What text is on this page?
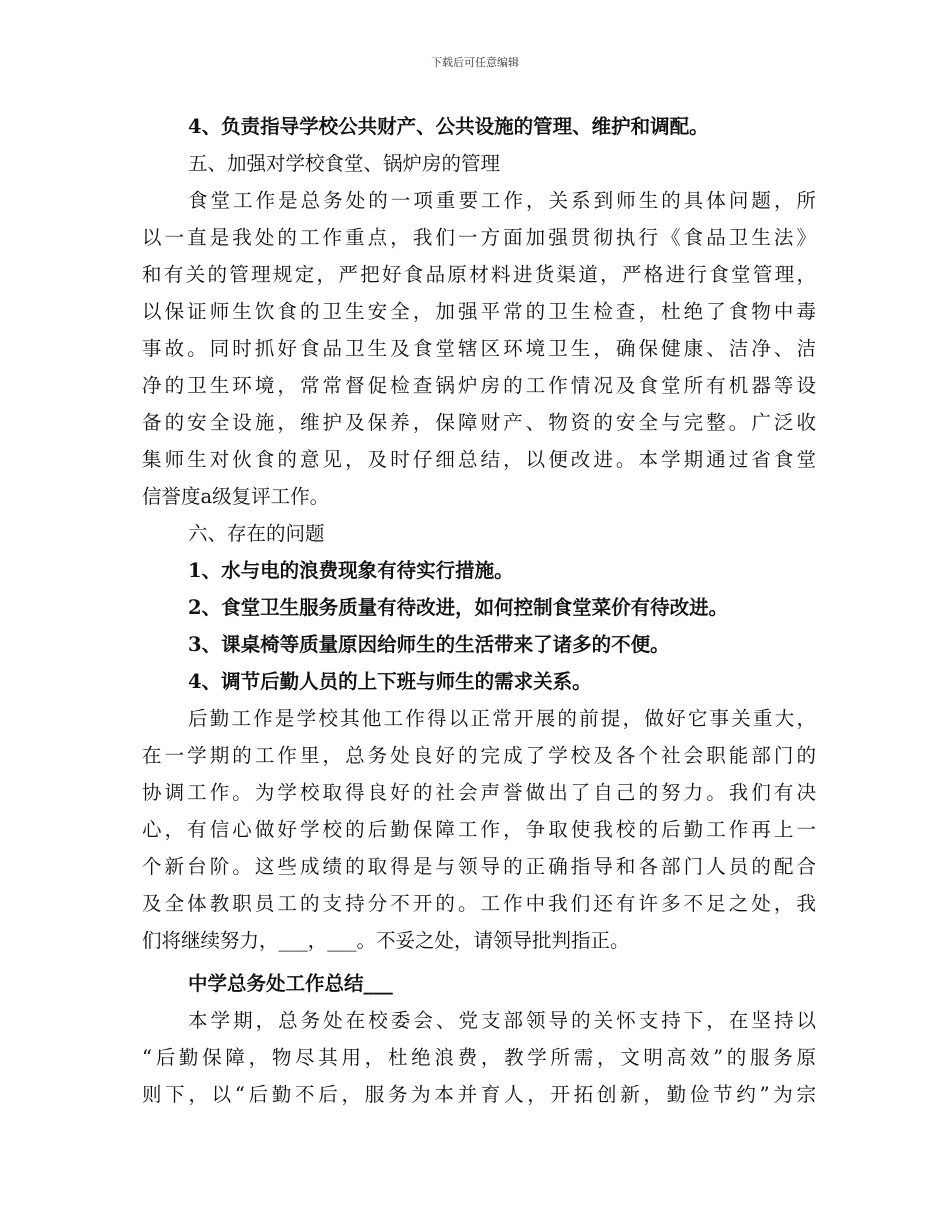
下载后可任意编辑
4、负责指导学校公共财产、公共设施的管理、维护和调配。
五、加强对学校食堂、锅炉房的管理
食堂工作是总务处的一项重要工作，关系到师生的具体问题，所
以一直是我处的工作重点，我们一方面加强贯彻执行《食品卫生法》
和有关的管理规定，严把好食品原材料进货渠道，严格进行食堂管理，
以保证师生饮食的卫生安全，加强平常的卫生检查，杜绝了食物中毒
事故。同时抓好食品卫生及食堂辖区环境卫生，确保健康、洁净、洁
净的卫生环境，常常督促检查锅炉房的工作情况及食堂所有机器等设
备的安全设施，维护及保养，保障财产、物资的安全与完整。广泛收
集师生对伙食的意见，及时仔细总结，以便改进。本学期通过省食堂
信誉度a级复评工作。
六、存在的问题
1、水与电的浪费现象有待实行措施。
2、食堂卫生服务质量有待改进，如何控制食堂菜价有待改进。
3、课桌椅等质量原因给师生的生活带来了诸多的不便。
4、调节后勤人员的上下班与师生的需求关系。
后勤工作是学校其他工作得以正常开展的前提，做好它事关重大，
在一学期的工作里，总务处良好的完成了学校及各个社会职能部门的
协调工作。为学校取得良好的社会声誉做出了自己的努力。我们有决
心，有信心做好学校的后勤保障工作，争取使我校的后勤工作再上一
个新台阶。这些成绩的取得是与领导的正确指导和各部门人员的配合
及全体教职员工的支持分不开的。工作中我们还有许多不足之处，我
们将继续努力，___，___。不妥之处，请领导批判指正。
中学总务处工作总结___
本学期，总务处在校委会、党支部领导的关怀支持下，在坚持以
“后勤保障，物尽其用，杜绝浪费，教学所需，文明高效”的服务原
则下，以“后勤不后，服务为本并育人，开拓创新，勤俭节约”为宗
